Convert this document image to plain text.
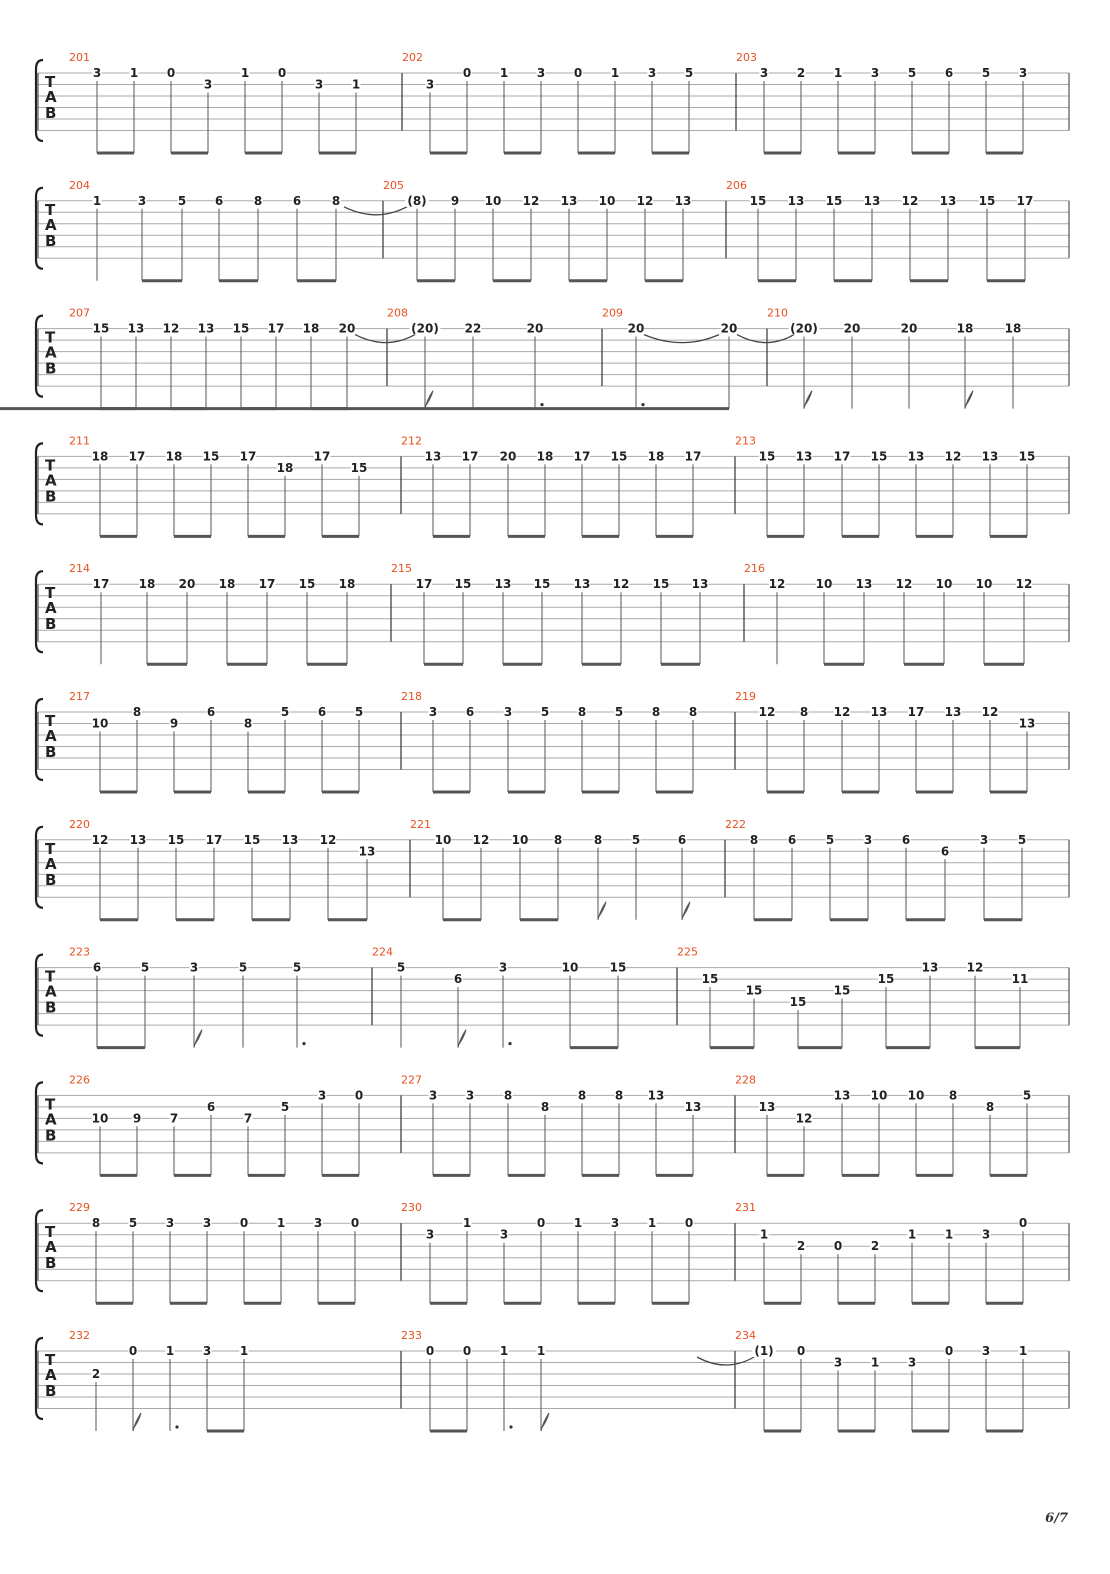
T
A
B
201
3 1 0
3
1 0
3 1
202
3
0 1 3 0 1 3 5
203
3 2 1 3 5 6 5 3
T
A
B
204
1	3	5 6	8	6	8
205
(8) 9 10 12 13 10 12 13
206
15 13 15 13 12 13 15 17
T
A
B
207
15 13 12 13 15 17 18 20
208
(20) 22	20
209
20	20
210
(20) 20	20	18	18
T
A
B
211
18 17 18 15 17
18
17
15
212
13 17 20 18 17 15 18 17
213
15 13 17 15 13 12 13 15
T
A
B
214
17 18 20 18 17 15 18
215
17 15 13 15 13 12 15 13
216
12	10 13 12 10 10 12
T
A
B
217
10
8
9
6
8
5 6 5
218
3 6 3 5 8 5 8 8
219
12 8 12 13 17 13 12
13
T
A
B
220
12 13 15 17 15 13 12
13
221
10 12 10 8	8 5	6
222
8 6 5 3 6
6
3 5
T
A
B
223
6	5	3	5	5
224
5
6
3	10	15
225
15
15
15
15
15
13 12
11
T
A
B
226
10 9 7
6
7
5
3 0
227
3 3 8
8
8 8 13
13
228
13
12
13 10 10 8
8
5
T
A
B
229
8 5 3 3 0 1 3 0
230
3
1
3
0 1 3 1 0
231
1
2 0 2
1 1 3
0
T
A
B
232
2
0 1 3 1
233
0 0 1 1
234
(1) 0
3 1 3
0 3 1
6/7
